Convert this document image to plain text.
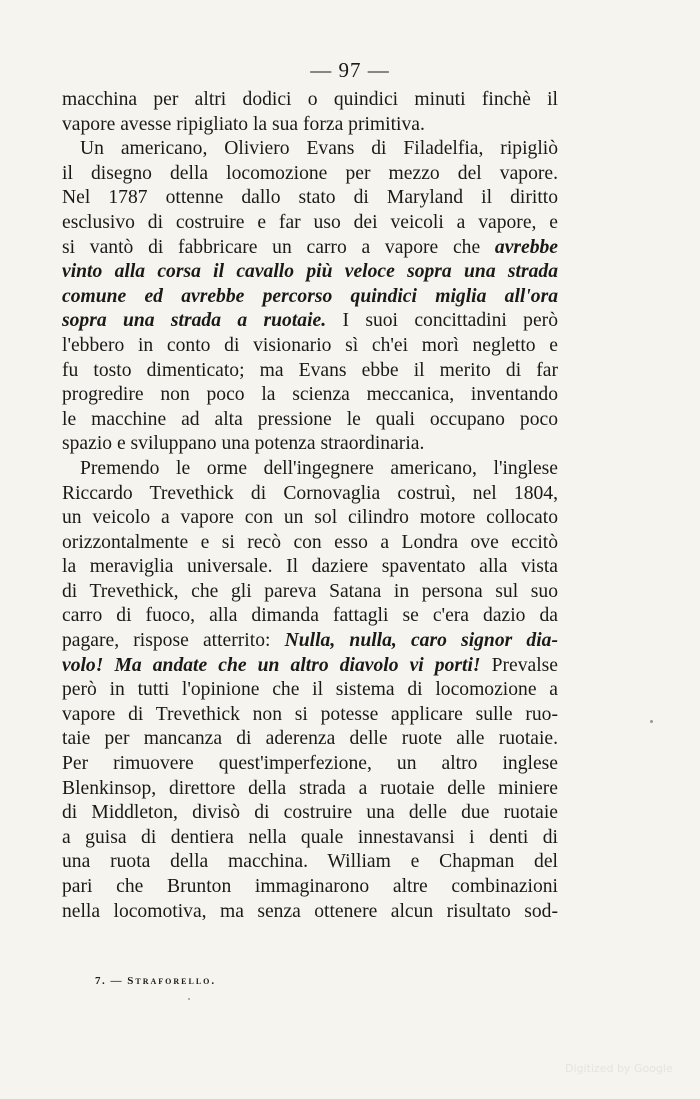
— 97 —
macchina per altri dodici o quindici minuti finchè il
vapore avesse ripigliato la sua forza primitiva.
Un americano, Oliviero Evans di Filadelfia, ripigliò
il disegno della locomozione per mezzo del vapore.
Nel 1787 ottenne dallo stato di Maryland il diritto
esclusivo di costruire e far uso dei veicoli a vapore, e
si vantò di fabbricare un carro a vapore che avrebbe
vinto alla corsa il cavallo più veloce sopra una strada
comune ed avrebbe percorso quindici miglia all'ora
sopra una strada a ruotaie. I suoi concittadini però
l'ebbero in conto di visionario sì ch'ei morì negletto e
fu tosto dimenticato; ma Evans ebbe il merito di far
progredire non poco la scienza meccanica, inventando
le macchine ad alta pressione le quali occupano poco
spazio e sviluppano una potenza straordinaria.
Premendo le orme dell'ingegnere americano, l'inglese
Riccardo Trevethick di Cornovaglia costruì, nel 1804,
un veicolo a vapore con un sol cilindro motore collocato
orizzontalmente e si recò con esso a Londra ove eccitò
la meraviglia universale. Il daziere spaventato alla vista
di Trevethick, che gli pareva Satana in persona sul suo
carro di fuoco, alla dimanda fattagli se c'era dazio da
pagare, rispose atterrito: Nulla, nulla, caro signor dia-
volo! Ma andate che un altro diavolo vi porti! Prevalse
però in tutti l'opinione che il sistema di locomozione a
vapore di Trevethick non si potesse applicare sulle ruo-
taie per mancanza di aderenza delle ruote alle ruotaie.
Per rimuovere quest'imperfezione, un altro inglese
Blenkinsop, direttore della strada a ruotaie delle miniere
di Middleton, divisò di costruire una delle due ruotaie
a guisa di dentiera nella quale innestavansi i denti di
una ruota della macchina. William e Chapman del
pari che Brunton immaginarono altre combinazioni
nella locomotiva, ma senza ottenere alcun risultato sod-
7. — Straforello.
Digitized by Google
